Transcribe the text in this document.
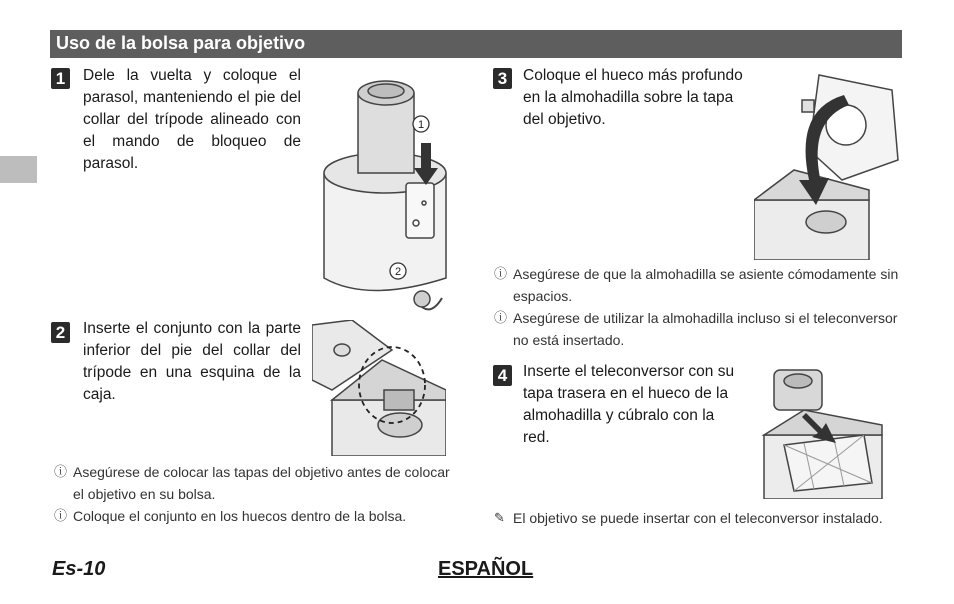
Uso de la bolsa para objetivo
1	Dele la vuelta y coloque el parasol, manteniendo el pie del collar del trípode alineado con el mando de bloqueo de parasol.
1
2
2	Inserte el conjunto con la parte inferior del pie del collar del trípode en una esquina de la caja.
ⓘ Asegúrese de colocar las tapas del objetivo antes de colocar el objetivo en su bolsa.
ⓘ Coloque el conjunto en los huecos dentro de la bolsa.
3	Coloque el hueco más profundo en la almohadilla sobre la tapa del objetivo.
ⓘ Asegúrese de que la almohadilla se asiente cómodamente sin espacios.
ⓘ Asegúrese de utilizar la almohadilla incluso si el teleconversor no está insertado.
4	Inserte el teleconversor con su tapa trasera en el hueco de la almohadilla y cúbralo con la red.
✎ El objetivo se puede insertar con el teleconversor instalado.
Es-10	ESPAÑOL
